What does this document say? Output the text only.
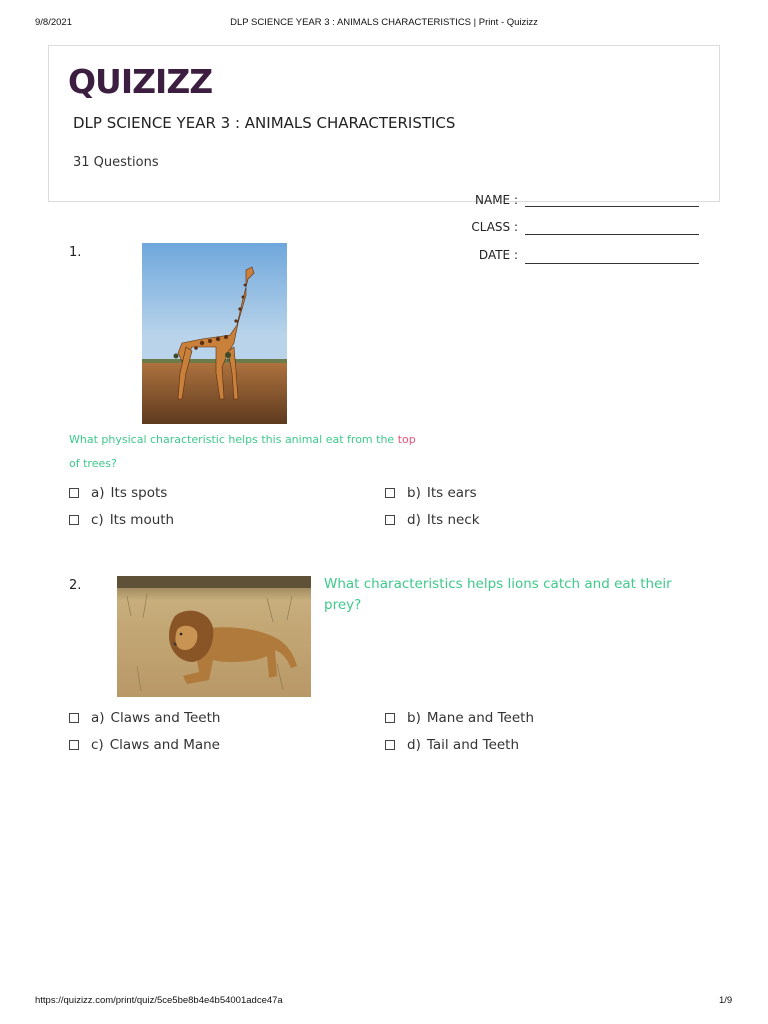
9/8/2021	DLP SCIENCE YEAR 3 : ANIMALS CHARACTERISTICS | Print - Quizizz
QUIZIZZ
DLP SCIENCE YEAR 3 : ANIMALS CHARACTERISTICS
31 Questions
NAME :
CLASS :
DATE :
1.
What physical characteristic helps this animal eat from the top of trees?
a) Its spots	b) Its ears
c) Its mouth	d) Its neck
2.	What characteristics helps lions catch and eat their prey?
a) Claws and Teeth	b) Mane and Teeth
c) Claws and Mane	d) Tail and Teeth
https://quizizz.com/print/quiz/5ce5be8b4e4b54001adce47a	1/9
